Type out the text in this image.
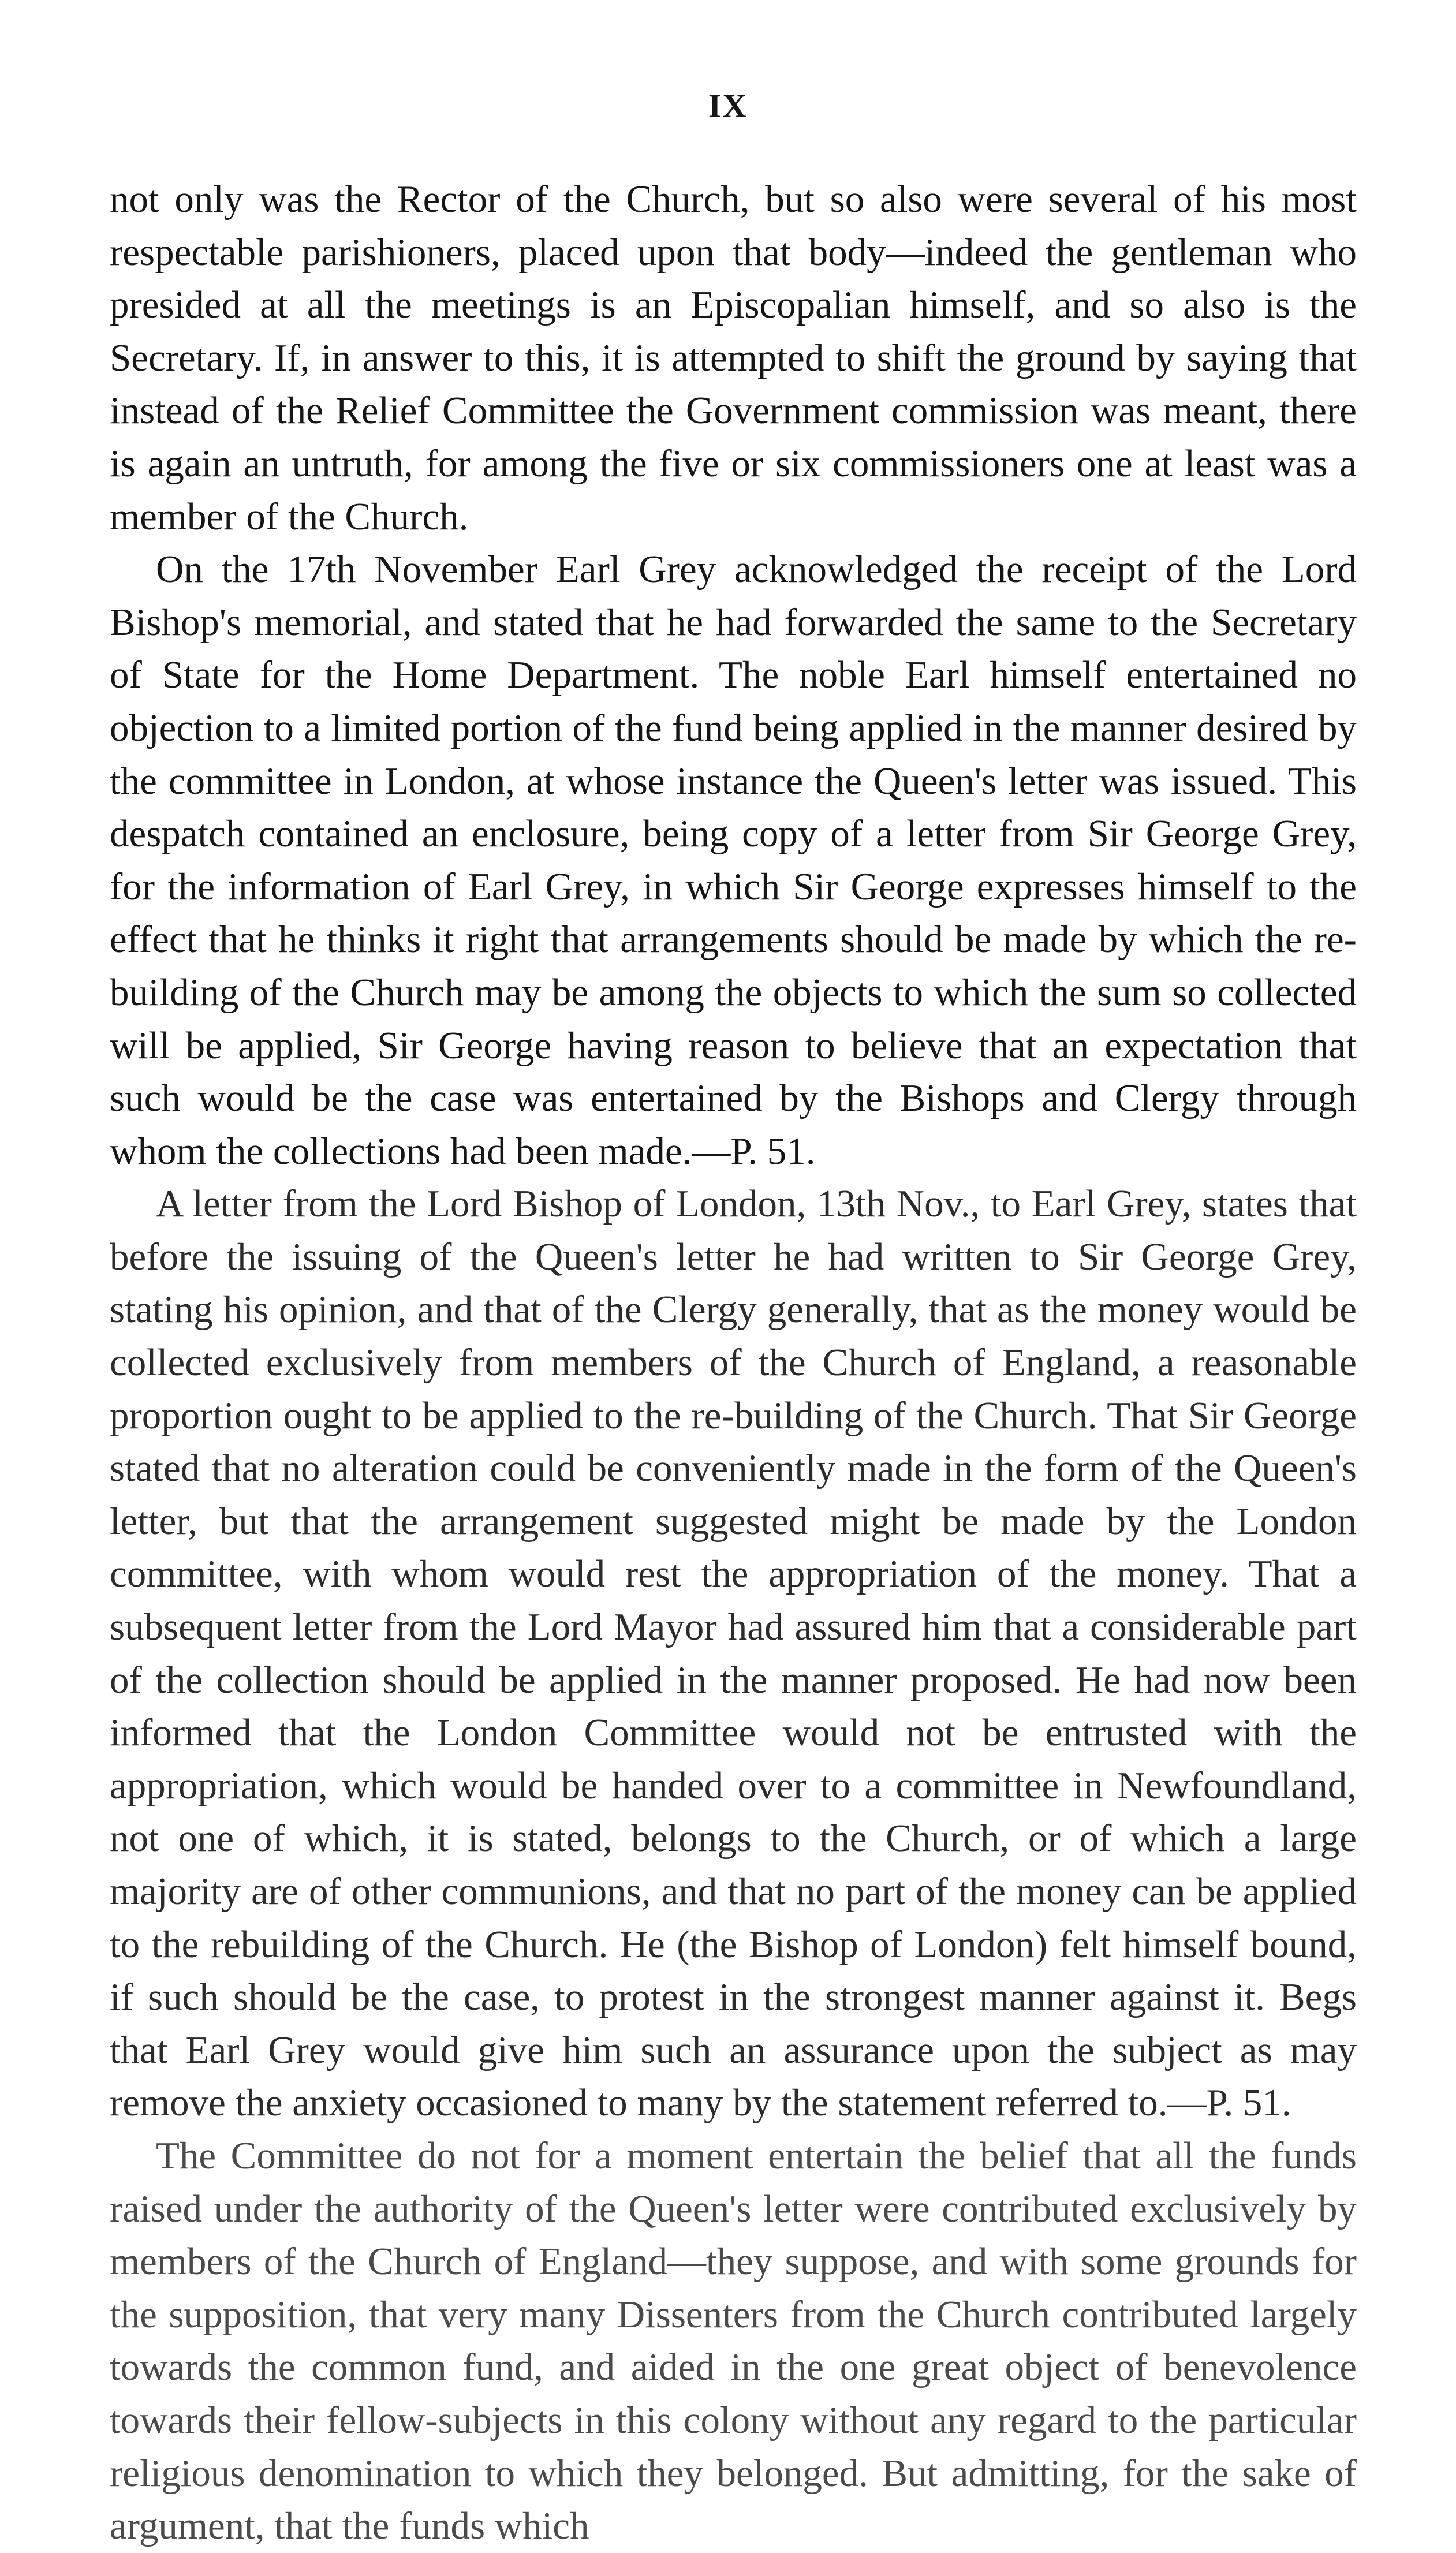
IX

not only was the Rector of the Church, but so also were several of his most respectable parishioners, placed upon that body—indeed the gentleman who presided at all the meetings is an Episcopalian himself, and so also is the Secretary. If, in answer to this, it is attempted to shift the ground by saying that instead of the Relief Committee the Government commission was meant, there is again an untruth, for among the five or six commissioners one at least was a member of the Church.

On the 17th November Earl Grey acknowledged the receipt of the Lord Bishop's memorial, and stated that he had forwarded the same to the Secretary of State for the Home Department. The noble Earl himself entertained no objection to a limited portion of the fund being applied in the manner desired by the committee in London, at whose instance the Queen's letter was issued. This despatch contained an enclosure, being copy of a letter from Sir George Grey, for the information of Earl Grey, in which Sir George expresses himself to the effect that he thinks it right that arrangements should be made by which the re-building of the Church may be among the objects to which the sum so collected will be applied, Sir George having reason to believe that an expectation that such would be the case was entertained by the Bishops and Clergy through whom the collections had been made.—P. 51.

A letter from the Lord Bishop of London, 13th Nov., to Earl Grey, states that before the issuing of the Queen's letter he had written to Sir George Grey, stating his opinion, and that of the Clergy generally, that as the money would be collected exclusively from members of the Church of England, a reasonable proportion ought to be applied to the re-building of the Church. That Sir George stated that no alteration could be conveniently made in the form of the Queen's letter, but that the arrangement suggested might be made by the London committee, with whom would rest the appropriation of the money. That a subsequent letter from the Lord Mayor had assured him that a considerable part of the collection should be applied in the manner proposed. He had now been informed that the London Committee would not be entrusted with the appropriation, which would be handed over to a committee in Newfoundland, not one of which, it is stated, belongs to the Church, or of which a large majority are of other communions, and that no part of the money can be applied to the rebuilding of the Church. He (the Bishop of London) felt himself bound, if such should be the case, to protest in the strongest manner against it. Begs that Earl Grey would give him such an assurance upon the subject as may remove the anxiety occasioned to many by the statement referred to.—P. 51.

The Committee do not for a moment entertain the belief that all the funds raised under the authority of the Queen's letter were contributed exclusively by members of the Church of England—they suppose, and with some grounds for the supposition, that very many Dissenters from the Church contributed largely towards the common fund, and aided in the one great object of benevolence towards their fellow-subjects in this colony without any regard to the particular religious denomination to which they belonged. But admitting, for the sake of argument, that the funds which
